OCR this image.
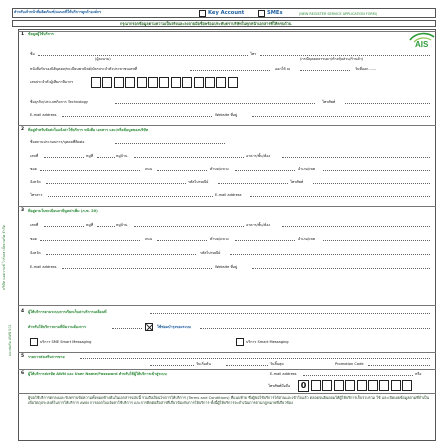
สำหรับเจ้าหน้าที่ผลิตภัณฑ์/แผนกที่ให้บริการลูกค้าองค์กร	Key Account	SMEs	(NEW REGISTER SERVICE APPLICATION FORM)
กรุณากรอกข้อมูลตามความเป็นจริงและลงลายมือชื่อพร้อมประทับตราบริษัทในทุกหน้าเอกสารที่ให้ครบถ้วน
AIS
บริษัท แอดวานซ์ ไวร์เลส เน็ทเวอร์ค จำกัด
แบบฟอร์ม AWN 001
1 ข้อมูลผู้ใช้บริการ
ชื่อ	โทร
(ผู้ลงนาม)	(กรณีบุคคลธรรมดา/ห้างหุ้นส่วน/ร้านค้า)
หนังสือรับรองนิติบุคคล/ทะเบียนพาณิชย์/บัตรประจำตัวประชาชนเลขที่	ออกให้ ณ	วันที่ออก.......
เลขประจำตัวผู้เสียภาษีอากร
ชื่อธุรกิจ/ประเภทกิจการ Technology	โทรศัพท์
E-mail address	Website ที่อยู่
2 ที่อยู่สำหรับจัดส่งใบแจ้งค่าใช้บริการ หนังสือ เอกสาร และ/หรือข้อมูลของบริษัท
ชื่อสถานประกอบการ/บุคคลที่ติดต่อ
เลขที่	หมู่ที่	หมู่บ้าน	อาคาร/ชั้น/ห้อง
ซอย	ถนน	ตำบล/แขวง	อำเภอ/เขต
จังหวัด	รหัสไปรษณีย์	โทรศัพท์
โทรสาร	E-mail address
3 ที่อยู่ตามใบทะเบียนภาษีมูลค่าเพิ่ม (ภ.พ. 20)
เลขที่	หมู่ที่	หมู่บ้าน	อาคาร/ชั้น/ห้อง
ซอย	ถนน	ตำบล/แขวง	อำเภอ/เขต
จังหวัด	รหัสไปรษณีย์
E-mail address	Website ที่อยู่
4 ผู้ให้บริการตามระบบการเรียกเก็บค่าบริการเคลื่อนที่
สำหรับให้บริการตามที่มีความต้องการ	ใช้ซ่อมบำรุงของระบบ
บริการ SME Smart Messaging	บริการ Smart Messaging
5 รายการส่งเสริมการขาย
วันเริ่มต้น	วันสิ้นสุด	Promotion Code
6 ผู้ให้บริการส่งรหัส AWN และ User Name/Password สำหรับใช้ผู้ให้บริการเข้าสู่ระบบ	E-mail address	หรือ
โทรศัพท์มือถือ	0
ผู้ขอใช้บริการตกลงและรับทราบข้อความทั้งหมดข้างต้นในเอกสารฉบับนี้ รวมถึงเงื่อนไขการให้บริการ (Terms and Conditions) ที่แนบท้าย ซึ่งผู้ขอใช้บริการได้อ่านและเข้าใจแล้ว ตลอดจนยินยอมให้ผู้ให้บริการเก็บรวบรวม ใช้ และเปิดเผยข้อมูลตามที่จำเป็น เพื่อวัตถุประสงค์ในการให้บริการ AWN การออกใบแจ้งค่าใช้บริการ และการติดต่อสื่อสารที่เกี่ยวข้องกับการให้บริการ ทั้งนี้ผู้ให้บริการจะดำเนินการตามกฎหมายที่เกี่ยวข้อง
